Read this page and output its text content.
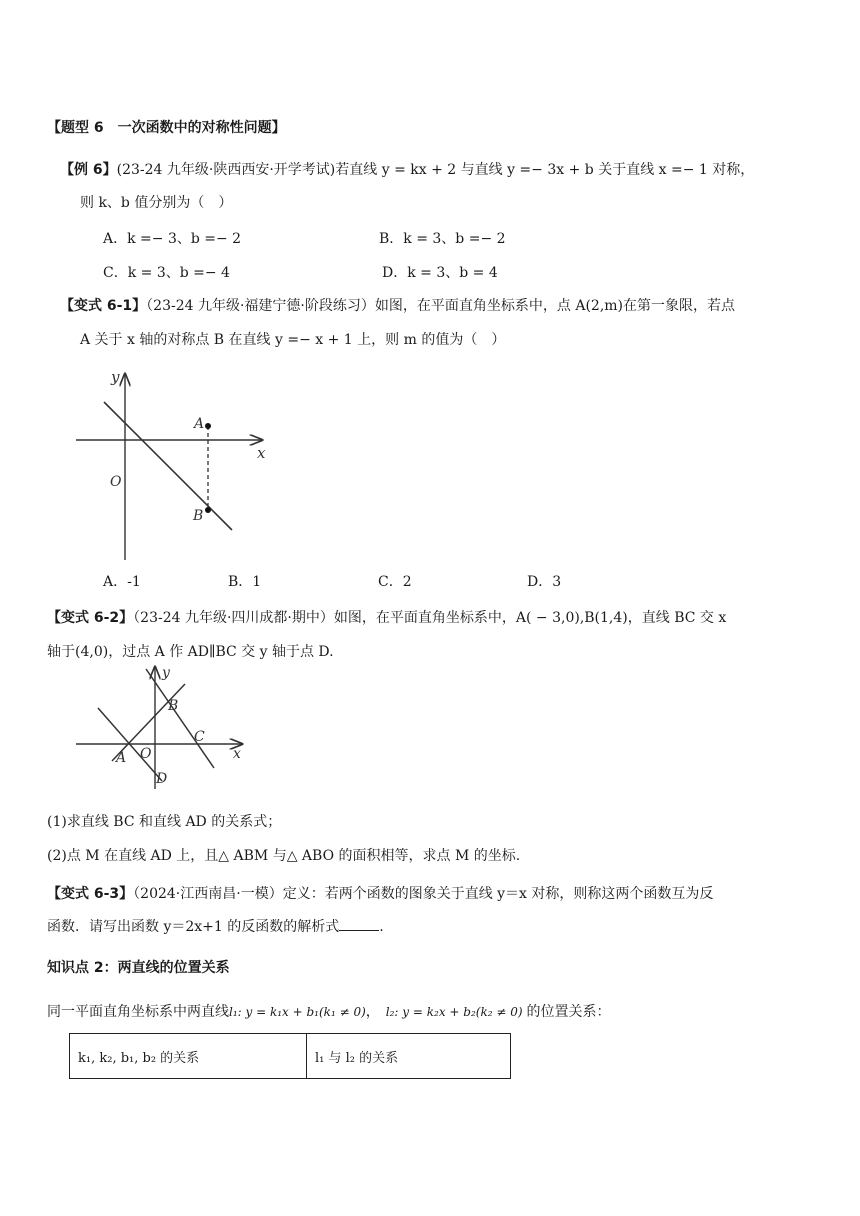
【题型 6　一次函数中的对称性问题】
【例 6】(23-24 九年级·陕西西安·开学考试)若直线 y = kx + 2 与直线 y =− 3x + b 关于直线 x =− 1 对称，
则 k、b 值分别为（　）
A．k =− 3、b =− 2	B．k = 3、b =− 2
C．k = 3、b =− 4	D．k = 3、b = 4
【变式 6-1】（23-24 九年级·福建宁德·阶段练习）如图，在平面直角坐标系中，点 A(2,m)在第一象限，若点
A 关于 x 轴的对称点 B 在直线 y =− x + 1 上，则 m 的值为（　）
y
x
O
A
B
A．-1	B．1	C．2	D．3
【变式 6-2】（23-24 九年级·四川成都·期中）如图，在平面直角坐标系中，A( − 3,0),B(1,4)，直线 BC 交 x
轴于(4,0)，过点 A 作 AD∥BC 交 y 轴于点 D.
y
x
O
A
B
C
D
(1)求直线 BC 和直线 AD 的关系式；
(2)点 M 在直线 AD 上，且△ ABM 与△ ABO 的面积相等，求点 M 的坐标.
【变式 6-3】（2024·江西南昌·一模）定义：若两个函数的图象关于直线 y＝x 对称，则称这两个函数互为反
函数．请写出函数 y＝2x+1 的反函数的解析式	.
知识点 2：两直线的位置关系
同一平面直角坐标系中两直线l₁: y = k₁x + b₁(k₁ ≠ 0)， l₂: y = k₂x + b₂(k₂ ≠ 0) 的位置关系：
k₁, k₂, b₁, b₂ 的关系	l₁ 与 l₂ 的关系
